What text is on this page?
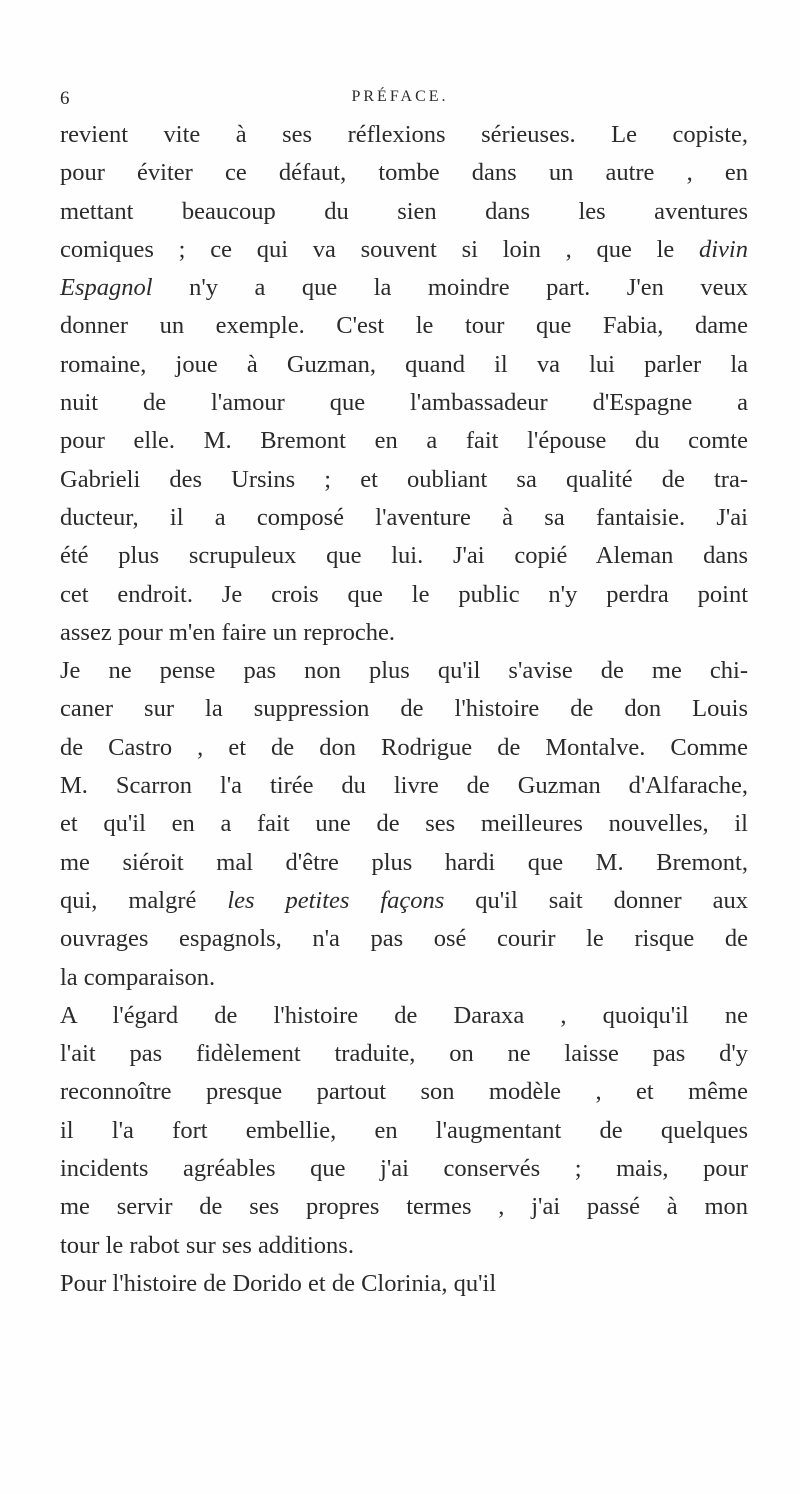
6	PRÉFACE.
revient vite à ses réflexions sérieuses. Le copiste,
pour éviter ce défaut, tombe dans un autre , en
mettant beaucoup du sien dans les aventures
comiques ; ce qui va souvent si loin , que le divin
Espagnol n'y a que la moindre part. J'en veux
donner un exemple. C'est le tour que Fabia, dame
romaine, joue à Guzman, quand il va lui parler la
nuit de l'amour que l'ambassadeur d'Espagne a
pour elle. M. Bremont en a fait l'épouse du comte
Gabrieli des Ursins ; et oubliant sa qualité de tra-
ducteur, il a composé l'aventure à sa fantaisie. J'ai
été plus scrupuleux que lui. J'ai copié Aleman dans
cet endroit. Je crois que le public n'y perdra point
assez pour m'en faire un reproche.
Je ne pense pas non plus qu'il s'avise de me chi-
caner sur la suppression de l'histoire de don Louis
de Castro , et de don Rodrigue de Montalve. Comme
M. Scarron l'a tirée du livre de Guzman d'Alfarache,
et qu'il en a fait une de ses meilleures nouvelles, il
me siéroit mal d'être plus hardi que M. Bremont,
qui, malgré les petites façons qu'il sait donner aux
ouvrages espagnols, n'a pas osé courir le risque de
la comparaison.
A l'égard de l'histoire de Daraxa , quoiqu'il ne
l'ait pas fidèlement traduite, on ne laisse pas d'y
reconnoître presque partout son modèle , et même
il l'a fort embellie, en l'augmentant de quelques
incidents agréables que j'ai conservés ; mais, pour
me servir de ses propres termes , j'ai passé à mon
tour le rabot sur ses additions.
Pour l'histoire de Dorido et de Clorinia, qu'il
